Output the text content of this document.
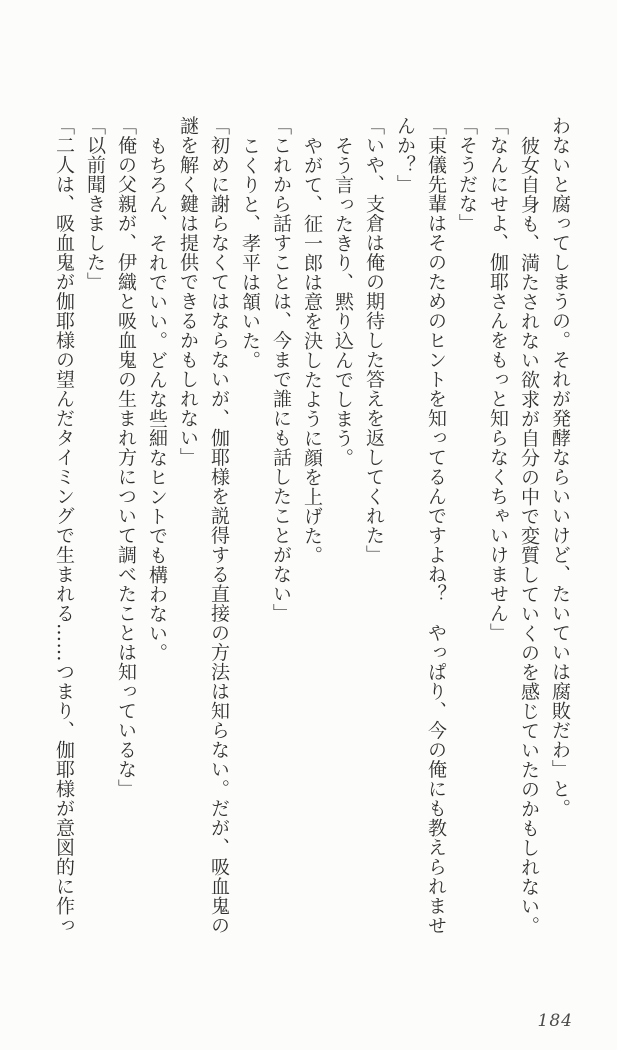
わないと腐ってしまうの。それが発酵ならいいけど、たいていは腐敗だわ」と。

彼女自身も、満たされない欲求が自分の中で変質していくのを感じていたのかもしれない。

「なんにせよ、伽耶さんをもっと知らなくちゃいけません」

「そうだな」

「東儀先輩はそのためのヒントを知ってるんですよね？　やっぱり、今の俺にも教えられませ

んか？」

「いや、支倉は俺の期待した答えを返してくれた」

そう言ったきり、黙り込んでしまう。

やがて、征一郎は意を決したように顔を上げた。

「これから話すことは、今まで誰にも話したことがない」

こくりと、孝平は頷いた。

「初めに謝らなくてはならないが、伽耶様を説得する直接の方法は知らない。だが、吸血鬼の

謎を解く鍵は提供できるかもしれない」

もちろん、それでいい。どんな些細なヒントでも構わない。

「俺の父親が、伊織と吸血鬼の生まれ方について調べたことは知っているな」

「以前聞きました」

「二人は、吸血鬼が伽耶様の望んだタイミングで生まれる……つまり、伽耶様が意図的に作っ

184
